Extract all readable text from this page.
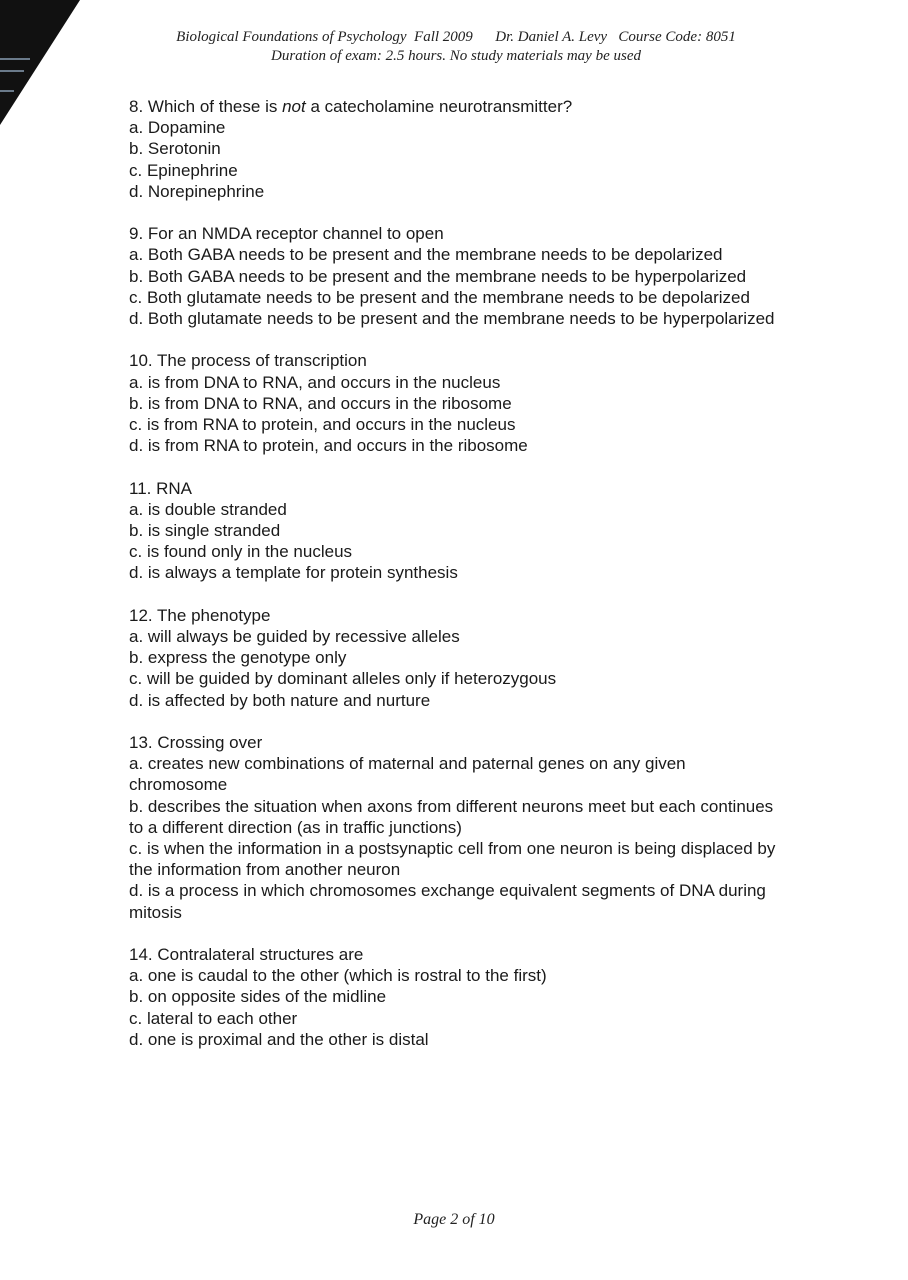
Biological Foundations of Psychology Fall 2009 Dr. Daniel A. Levy Course Code: 8051
Duration of exam: 2.5 hours. No study materials may be used

8. Which of these is not a catecholamine neurotransmitter?

a. Dopamine

b. Serotonin

c. Epinephrine

d. Norepinephrine

9. For an NMDA receptor channel to open

a. Both GABA needs to be present and the membrane needs to be depolarized

b. Both GABA needs to be present and the membrane needs to be hyperpolarized

c. Both glutamate needs to be present and the membrane needs to be depolarized

d. Both glutamate needs to be present and the membrane needs to be hyperpolarized

10. The process of transcription

a. is from DNA to RNA, and occurs in the nucleus

b. is from DNA to RNA, and occurs in the ribosome

c. is from RNA to protein, and occurs in the nucleus

d. is from RNA to protein, and occurs in the ribosome

11. RNA

a. is double stranded

b. is single stranded

c. is found only in the nucleus

d. is always a template for protein synthesis

12. The phenotype

a. will always be guided by recessive alleles

b. express the genotype only

c. will be guided by dominant alleles only if heterozygous

d. is affected by both nature and nurture

13. Crossing over

a. creates new combinations of maternal and paternal genes on any given chromosome

b. describes the situation when axons from different neurons meet but each continues to a different direction (as in traffic junctions)

c. is when the information in a postsynaptic cell from one neuron is being displaced by the information from another neuron

d. is a process in which chromosomes exchange equivalent segments of DNA during mitosis

14. Contralateral structures are

a. one is caudal to the other (which is rostral to the first)

b. on opposite sides of the midline

c. lateral to each other

d. one is proximal and the other is distal

Page 2 of 10
